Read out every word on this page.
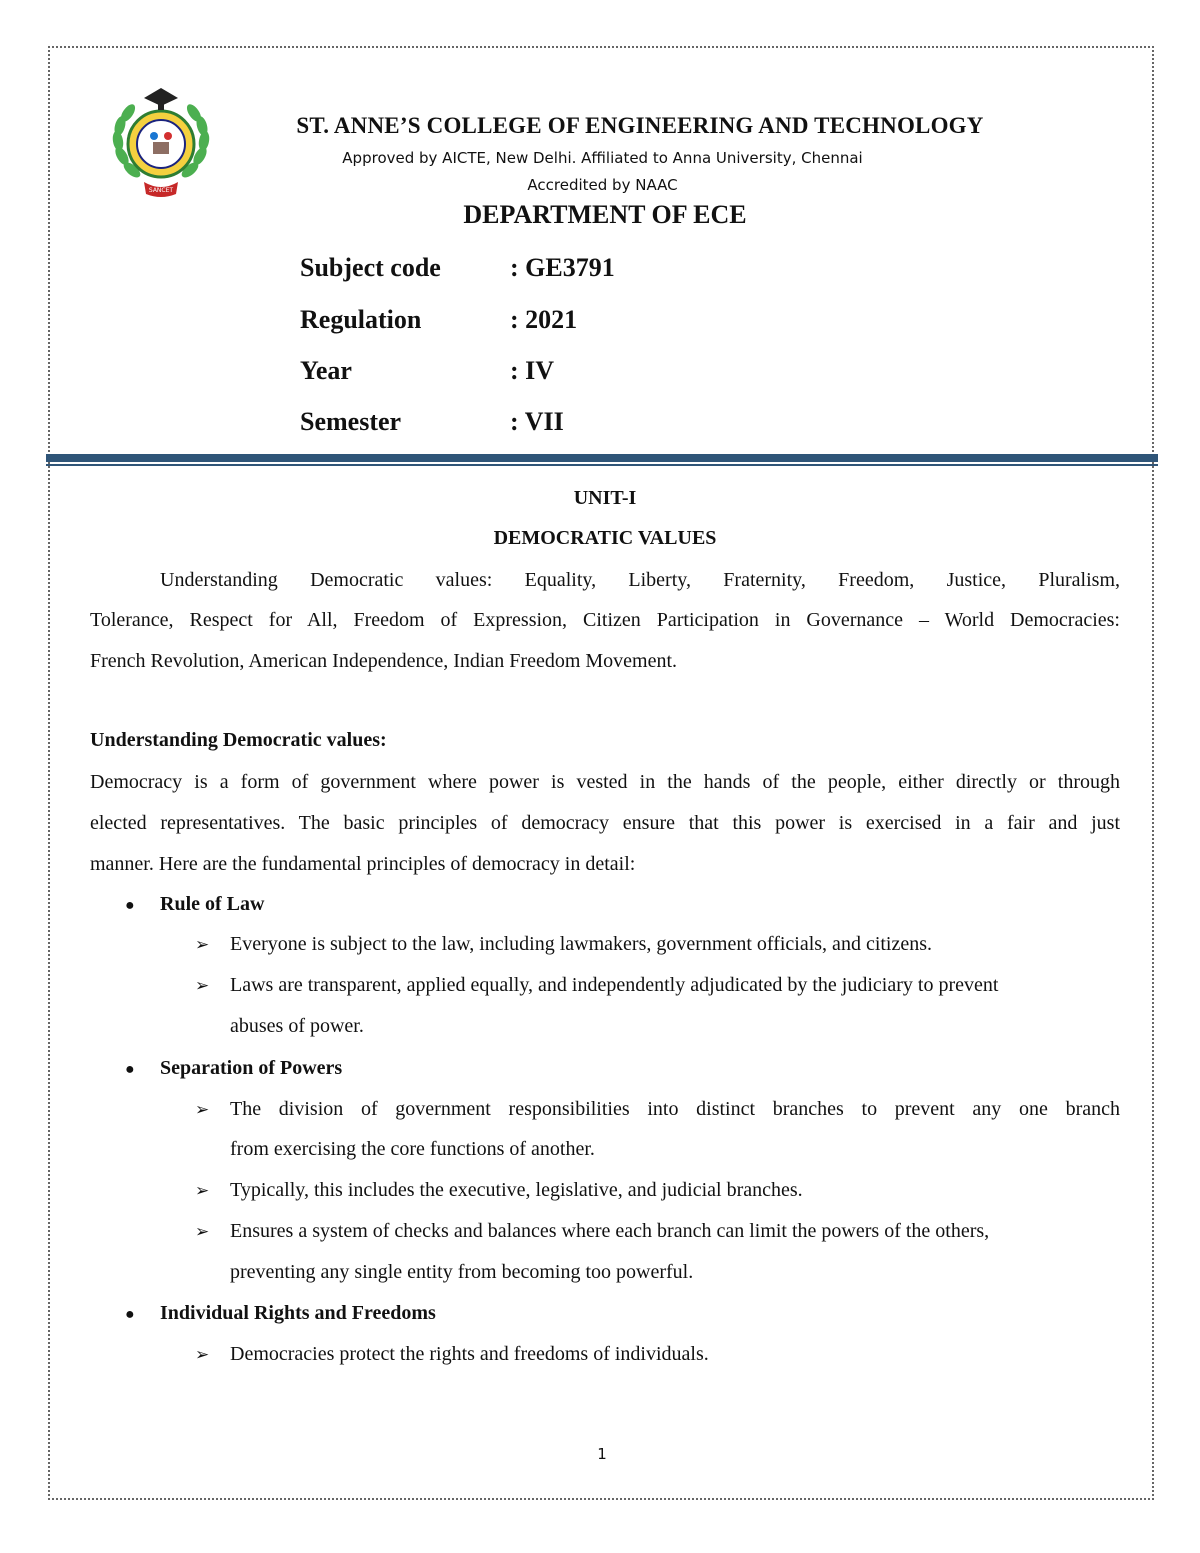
SANCET
ST. ANNE’S COLLEGE OF ENGINEERING AND TECHNOLOGY
Approved by AICTE, New Delhi. Affiliated to Anna University, Chennai
Accredited by NAAC
DEPARTMENT OF ECE
Subject code	: GE3791
Regulation	: 2021
Year	: IV
Semester	: VII
UNIT-I
DEMOCRATIC VALUES
Understanding Democratic values: Equality, Liberty, Fraternity, Freedom, Justice, Pluralism,
Tolerance, Respect for All, Freedom of Expression, Citizen Participation in Governance – World Democracies:
French Revolution, American Independence, Indian Freedom Movement.
Understanding Democratic values:
Democracy is a form of government where power is vested in the hands of the people, either directly or through
elected representatives. The basic principles of democracy ensure that this power is exercised in a fair and just
manner. Here are the fundamental principles of democracy in detail:
● Rule of Law
➢ Everyone is subject to the law, including lawmakers, government officials, and citizens.
➢ Laws are transparent, applied equally, and independently adjudicated by the judiciary to prevent
abuses of power.
● Separation of Powers
➢ The division of government responsibilities into distinct branches to prevent any one branch
from exercising the core functions of another.
➢ Typically, this includes the executive, legislative, and judicial branches.
➢ Ensures a system of checks and balances where each branch can limit the powers of the others,
preventing any single entity from becoming too powerful.
● Individual Rights and Freedoms
➢ Democracies protect the rights and freedoms of individuals.
1
